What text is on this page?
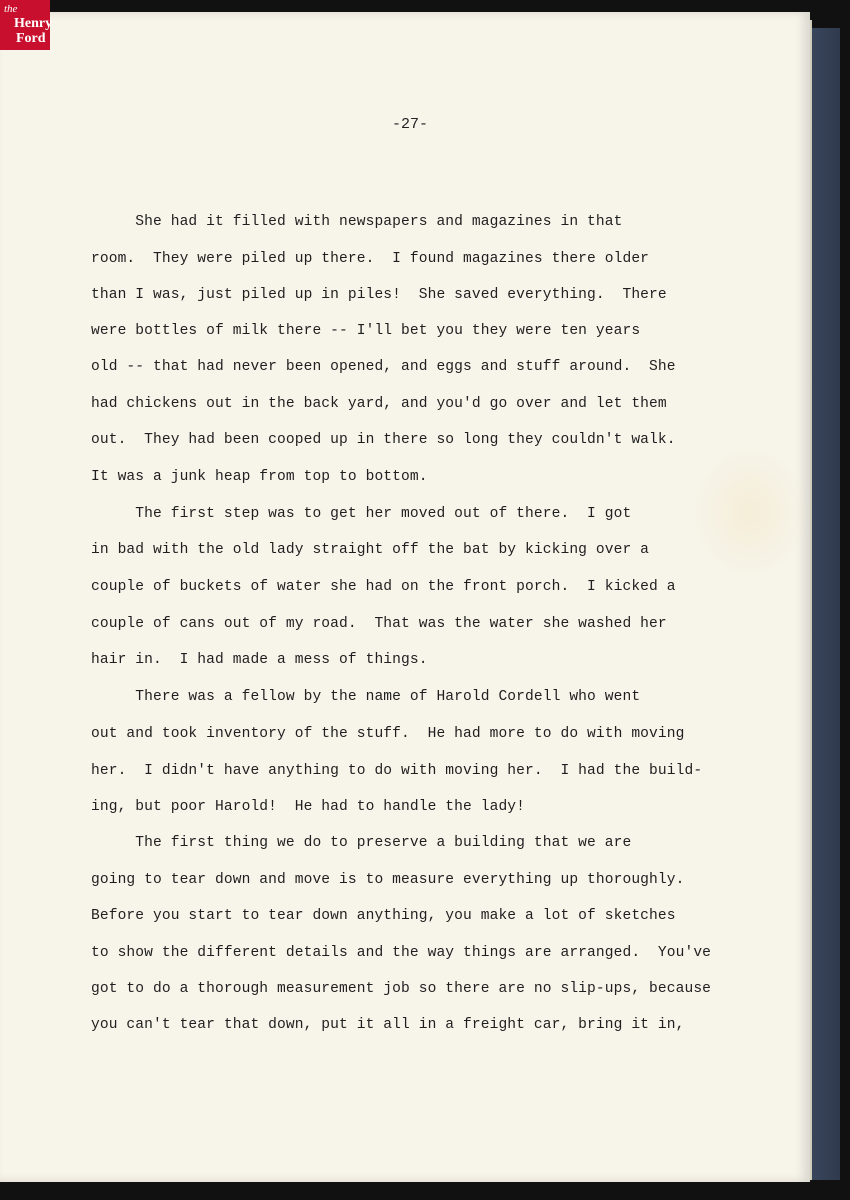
-27-
She had it filled with newspapers and magazines in that
room.  They were piled up there.  I found magazines there older
than I was, just piled up in piles!  She saved everything.  There
were bottles of milk there -- I'll bet you they were ten years
old -- that had never been opened, and eggs and stuff around.  She
had chickens out in the back yard, and you'd go over and let them
out.  They had been cooped up in there so long they couldn't walk.
It was a junk heap from top to bottom.
The first step was to get her moved out of there.  I got
in bad with the old lady straight off the bat by kicking over a
couple of buckets of water she had on the front porch.  I kicked a
couple of cans out of my road.  That was the water she washed her
hair in.  I had made a mess of things.
There was a fellow by the name of Harold Cordell who went
out and took inventory of the stuff.  He had more to do with moving
her.  I didn't have anything to do with moving her.  I had the build-
ing, but poor Harold!  He had to handle the lady!
The first thing we do to preserve a building that we are
going to tear down and move is to measure everything up thoroughly.
Before you start to tear down anything, you make a lot of sketches
to show the different details and the way things are arranged.  You've
got to do a thorough measurement job so there are no slip-ups, because
you can't tear that down, put it all in a freight car, bring it in,
the
Henry
Ford
